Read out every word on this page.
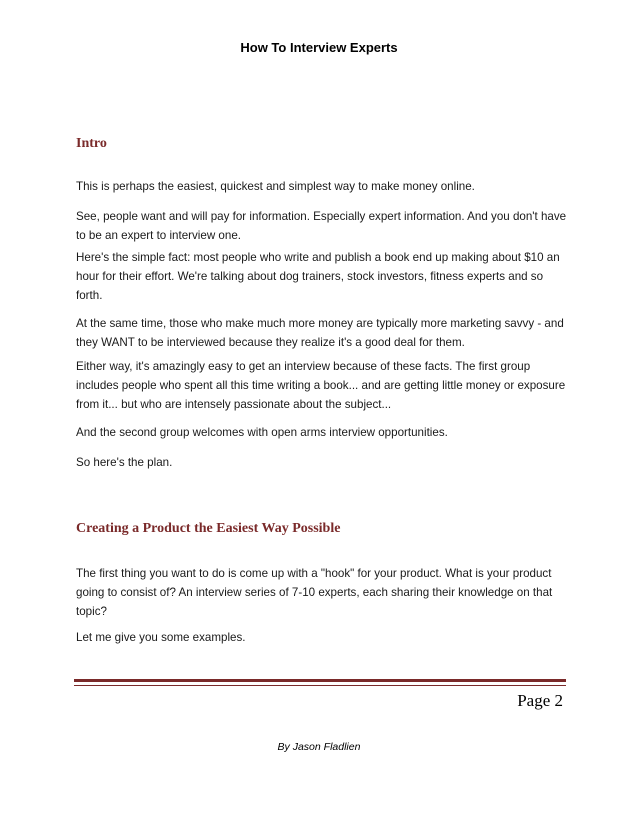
How To Interview Experts
Intro
This is perhaps the easiest, quickest and simplest way to make money online.
See, people want and will pay for information. Especially expert information. And you don't have to be an expert to interview one.
Here's the simple fact: most people who write and publish a book end up making about $10 an hour for their effort. We're talking about dog trainers, stock investors, fitness experts and so forth.
At the same time, those who make much more money are typically more marketing savvy - and they WANT to be interviewed because they realize it's a good deal for them.
Either way, it's amazingly easy to get an interview because of these facts. The first group includes people who spent all this time writing a book... and are getting little money or exposure from it... but who are intensely passionate about the subject...
And the second group welcomes with open arms interview opportunities.
So here's the plan.
Creating a Product the Easiest Way Possible
The first thing you want to do is come up with a "hook" for your product. What is your product going to consist of? An interview series of 7-10 experts, each sharing their knowledge on that topic?
Let me give you some examples.
Page 2
By Jason Fladlien
